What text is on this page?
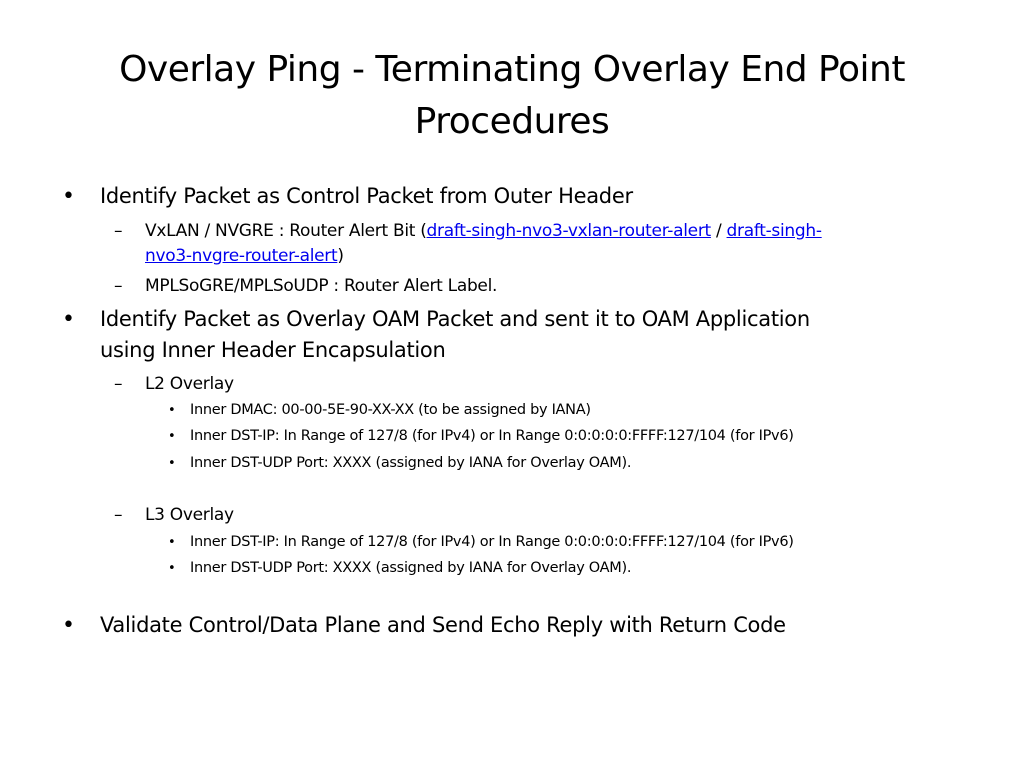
Overlay Ping - Terminating Overlay End Point
Procedures
• Identify Packet as Control Packet from Outer Header
– VxLAN / NVGRE : Router Alert Bit (draft-singh-nvo3-vxlan-router-alert / draft-singh-
nvo3-nvgre-router-alert)
– MPLSoGRE/MPLSoUDP : Router Alert Label.
• Identify Packet as Overlay OAM Packet and sent it to OAM Application
using Inner Header Encapsulation
– L2 Overlay
• Inner DMAC: 00-00-5E-90-XX-XX (to be assigned by IANA)
• Inner DST-IP: In Range of 127/8 (for IPv4) or In Range 0:0:0:0:0:FFFF:127/104 (for IPv6)
• Inner DST-UDP Port: XXXX (assigned by IANA for Overlay OAM).
– L3 Overlay
• Inner DST-IP: In Range of 127/8 (for IPv4) or In Range 0:0:0:0:0:FFFF:127/104 (for IPv6)
• Inner DST-UDP Port: XXXX (assigned by IANA for Overlay OAM).
• Validate Control/Data Plane and Send Echo Reply with Return Code
